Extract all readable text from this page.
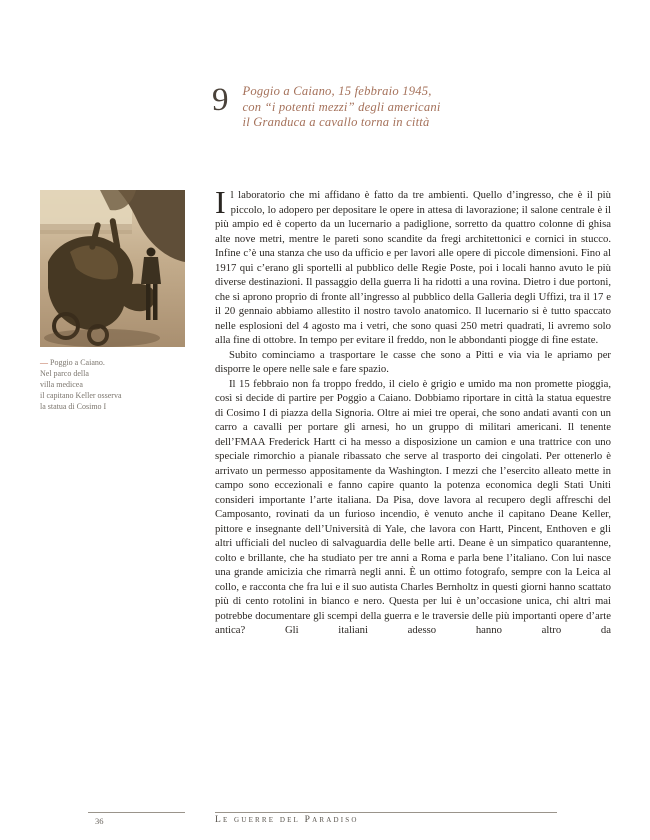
9 Poggio a Caiano, 15 febbraio 1945,
con “i potenti mezzi” degli americani
il Granduca a cavallo torna in città
— Poggio a Caiano.
Nel parco della
villa medicea
il capitano Keller osserva
la statua di Cosimo I

Il laboratorio che mi affidano è fatto da tre ambienti. Quello d’ingresso, che è il più piccolo, lo adopero per depositare le opere in attesa di lavorazione; il salone centrale è il più ampio ed è coperto da un lucernario a padiglione, sorretto da quattro colonne di ghisa alte nove metri, mentre le pareti sono scandite da fregi architettonici e cornici in stucco. Infine c’è una stanza che uso da ufficio e per lavori alle opere di piccole dimensioni. Fino al 1917 qui c’erano gli sportelli al pubblico delle Regie Poste, poi i locali hanno avuto le più diverse destinazioni. Il passaggio della guerra li ha ridotti a una rovina. Dietro i due portoni, che si aprono proprio di fronte all’ingresso al pubblico della Galleria degli Uffizi, tra il 17 e il 20 gennaio abbiamo allestito il nostro tavolo anatomico. Il lucernario si è tutto spaccato nelle esplosioni del 4 agosto ma i vetri, che sono quasi 250 metri quadrati, li avremo solo alla fine di ottobre. In tempo per evitare il freddo, non le abbondanti piogge di fine estate.

Subito cominciamo a trasportare le casse che sono a Pitti e via via le apriamo per disporre le opere nelle sale e fare spazio.

Il 15 febbraio non fa troppo freddo, il cielo è grigio e umido ma non promette pioggia, così si decide di partire per Poggio a Caiano. Dobbiamo riportare in città la statua equestre di Cosimo I di piazza della Signoria. Oltre ai miei tre operai, che sono andati avanti con un carro a cavalli per portare gli arnesi, ho un gruppo di militari americani. Il tenente dell’FMAA Frederick Hartt ci ha messo a disposizione un camion e una trattrice con uno speciale rimorchio a pianale ribassato che serve al trasporto dei cingolati. Per ottenerlo è arrivato un permesso appositamente da Washington. I mezzi che l’esercito alleato mette in campo sono eccezionali e fanno capire quanto la potenza economica degli Stati Uniti consideri importante l’arte italiana. Da Pisa, dove lavora al recupero degli affreschi del Camposanto, rovinati da un furioso incendio, è venuto anche il capitano Deane Keller, pittore e insegnante dell’Università di Yale, che lavora con Hartt, Pincent, Enthoven e gli altri ufficiali del nucleo di salvaguardia delle belle arti. Deane è un simpatico quarantenne, colto e brillante, che ha studiato per tre anni a Roma e parla bene l’italiano. Con lui nasce una grande amicizia che rimarrà negli anni. È un ottimo fotografo, sempre con la Leica al collo, e racconta che fra lui e il suo autista Charles Bernholtz in questi giorni hanno scattato più di cento rotolini in bianco e nero. Questa per lui è un’occasione unica, chi altri mai potrebbe documentare gli scempi della guerra e le traversie delle più importanti opere d’arte antica? Gli italiani adesso hanno altro da

36	Le guerre del Paradiso
